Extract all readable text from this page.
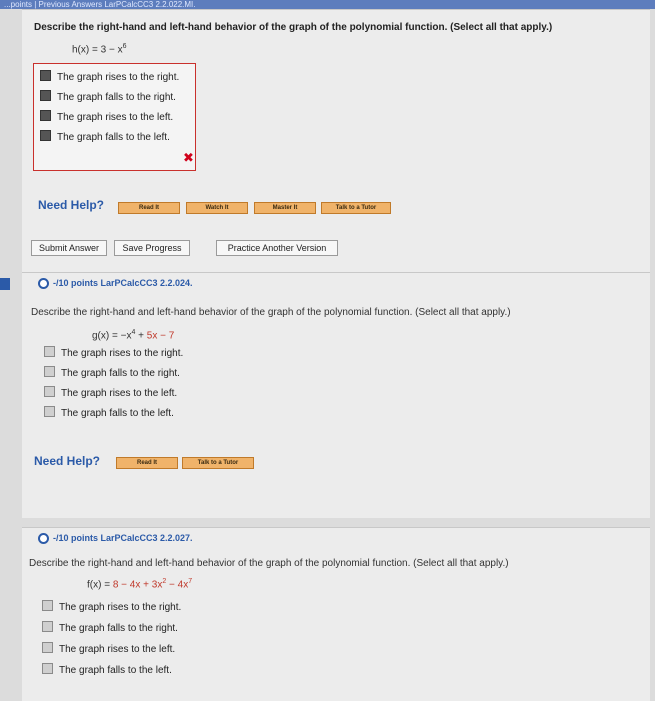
...points | Previous Answers LarPCalcCC3 2.2.022.MI.
Describe the right-hand and left-hand behavior of the graph of the polynomial function. (Select all that apply.)
$h(x) = 3 - x^6$
The graph rises to the right.
The graph falls to the right.
The graph rises to the left.
The graph falls to the left.
✖
Need Help?	Read It	Watch It	Master It	Talk to a Tutor
Submit Answer	Save Progress	Practice Another Version
-/10 points LarPCalcCC3 2.2.024.
Describe the right-hand and left-hand behavior of the graph of the polynomial function. (Select all that apply.)
$g(x) = -x^4 + 5x - 7$
The graph rises to the right.
The graph falls to the right.
The graph rises to the left.
The graph falls to the left.
Need Help?	Read It	Talk to a Tutor
-/10 points LarPCalcCC3 2.2.027.
Describe the right-hand and left-hand behavior of the graph of the polynomial function. (Select all that apply.)
$f(x) = 8 - 4x + 3x^2 - 4x^7$
The graph rises to the right.
The graph falls to the right.
The graph rises to the left.
The graph falls to the left.
